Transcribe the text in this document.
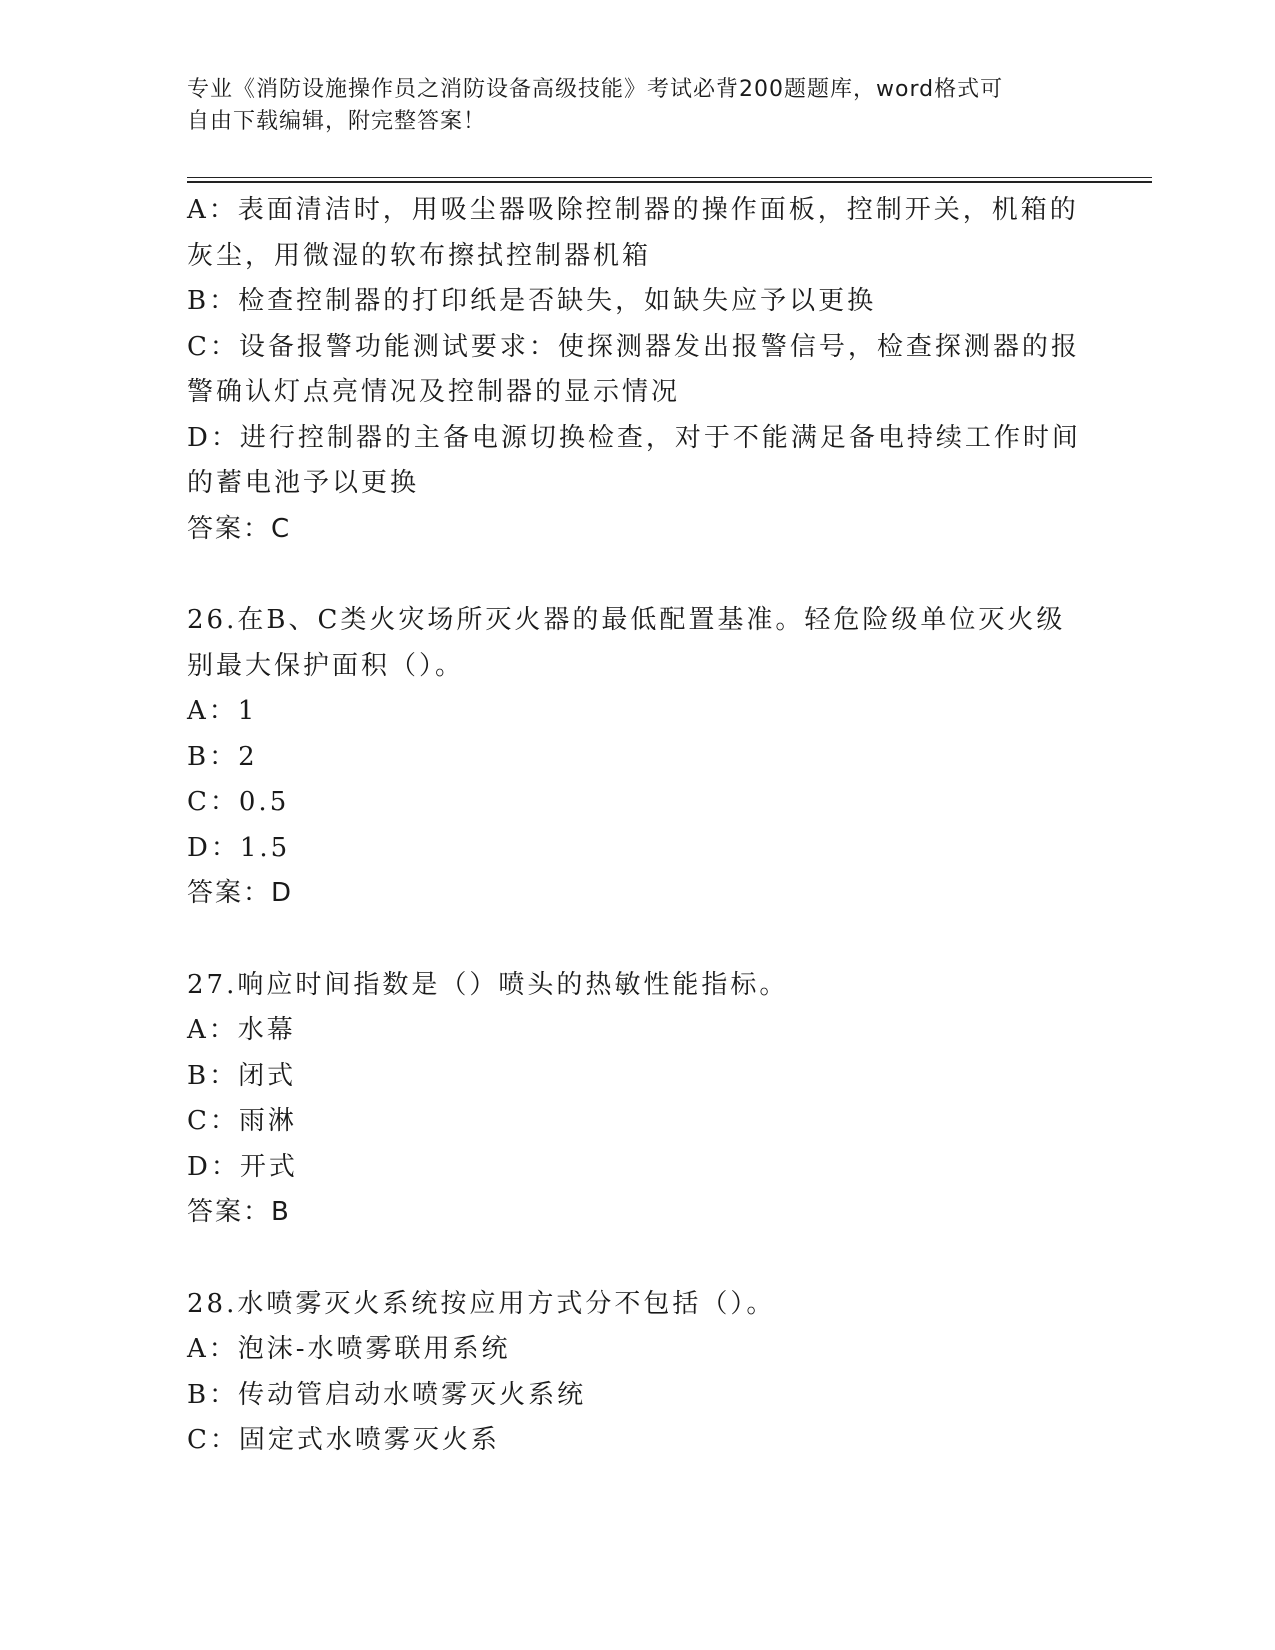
专业《消防设施操作员之消防设备高级技能》考试必背200题题库，word格式可
自由下载编辑，附完整答案！
A：表面清洁时，用吸尘器吸除控制器的操作面板，控制开关，机箱的
灰尘，用微湿的软布擦拭控制器机箱
B：检查控制器的打印纸是否缺失，如缺失应予以更换
C：设备报警功能测试要求：使探测器发出报警信号，检查探测器的报
警确认灯点亮情况及控制器的显示情况
D：进行控制器的主备电源切换检查，对于不能满足备电持续工作时间
的蓄电池予以更换
答案：C
26.在B、C类火灾场所灭火器的最低配置基准。轻危险级单位灭火级
别最大保护面积（）。
A：1
B：2
C：0.5
D：1.5
答案：D
27.响应时间指数是（）喷头的热敏性能指标。
A：水幕
B：闭式
C：雨淋
D：开式
答案：B
28.水喷雾灭火系统按应用方式分不包括（）。
A：泡沫-水喷雾联用系统
B：传动管启动水喷雾灭火系统
C：固定式水喷雾灭火系
